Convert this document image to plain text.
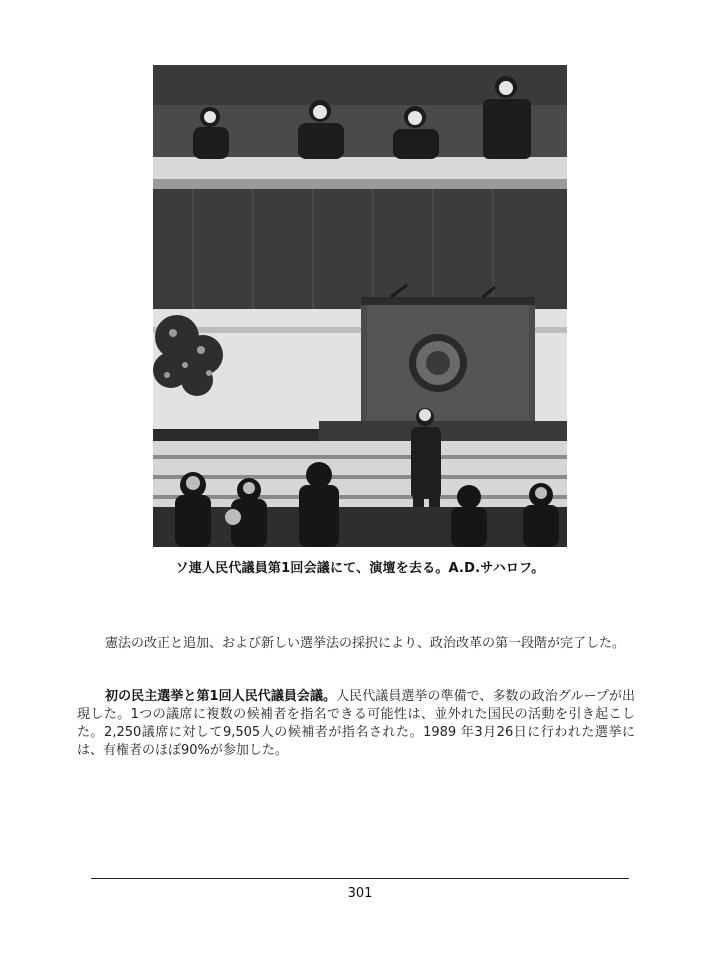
ソ連人民代議員第1回会議にて、演壇を去る。A.D.サハロフ。
憲法の改正と追加、および新しい選挙法の採択により、政治改革の第一段階が完了した。
初の民主選挙と第1回人民代議員会議。人民代議員選挙の準備で、多数の政治グループが出現した。1つの議席に複数の候補者を指名できる可能性は、並外れた国民の活動を引き起こした。2,250議席に対して9,505人の候補者が指名された。1989 年3月26日に行われた選挙には、有権者のほぼ90%が参加した。
301
